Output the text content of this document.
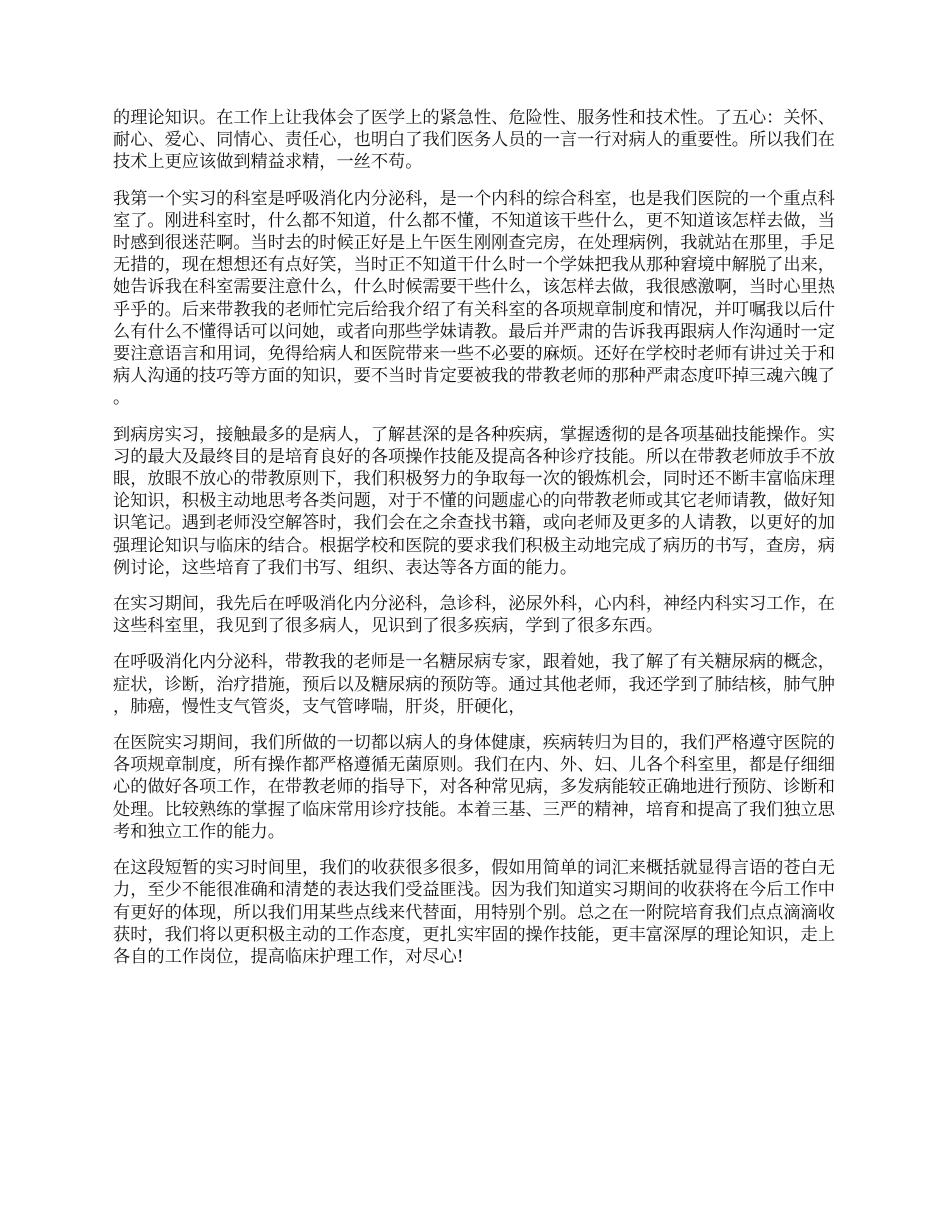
的理论知识。在工作上让我体会了医学上的紧急性、危险性、服务性和技术性。了五心：关怀、耐心、爱心、同情心、责任心，也明白了我们医务人员的一言一行对病人的重要性。所以我们在技术上更应该做到精益求精，一丝不苟。

我第一个实习的科室是呼吸消化内分泌科，是一个内科的综合科室，也是我们医院的一个重点科室了。刚进科室时，什么都不知道，什么都不懂，不知道该干些什么，更不知道该怎样去做，当时感到很迷茫啊。当时去的时候正好是上午医生刚刚查完房，在处理病例，我就站在那里，手足无措的，现在想想还有点好笑，当时正不知道干什么时一个学妹把我从那种窘境中解脱了出来，她告诉我在科室需要注意什么，什么时候需要干些什么，该怎样去做，我很感激啊，当时心里热乎乎的。后来带教我的老师忙完后给我介绍了有关科室的各项规章制度和情况，并叮嘱我以后什么有什么不懂得话可以问她，或者向那些学妹请教。最后并严肃的告诉我再跟病人作沟通时一定要注意语言和用词，免得给病人和医院带来一些不必要的麻烦。还好在学校时老师有讲过关于和病人沟通的技巧等方面的知识，要不当时肯定要被我的带教老师的那种严肃态度吓掉三魂六魄了。

到病房实习，接触最多的是病人，了解甚深的是各种疾病，掌握透彻的是各项基础技能操作。实习的最大及最终目的是培育良好的各项操作技能及提高各种诊疗技能。所以在带教老师放手不放眼，放眼不放心的带教原则下，我们积极努力的争取每一次的锻炼机会，同时还不断丰富临床理论知识，积极主动地思考各类问题，对于不懂的问题虚心的向带教老师或其它老师请教，做好知识笔记。遇到老师没空解答时，我们会在之余查找书籍，或向老师及更多的人请教，以更好的加强理论知识与临床的结合。根据学校和医院的要求我们积极主动地完成了病历的书写，查房，病例讨论，这些培育了我们书写、组织、表达等各方面的能力。

在实习期间，我先后在呼吸消化内分泌科，急诊科，泌尿外科，心内科，神经内科实习工作，在这些科室里，我见到了很多病人，见识到了很多疾病，学到了很多东西。

在呼吸消化内分泌科，带教我的老师是一名糖尿病专家，跟着她，我了解了有关糖尿病的概念，症状，诊断，治疗措施，预后以及糖尿病的预防等。通过其他老师，我还学到了肺结核，肺气肿，肺癌，慢性支气管炎，支气管哮喘，肝炎，肝硬化，

在医院实习期间，我们所做的一切都以病人的身体健康，疾病转归为目的，我们严格遵守医院的各项规章制度，所有操作都严格遵循无菌原则。我们在内、外、妇、儿各个科室里，都是仔细细心的做好各项工作，在带教老师的指导下，对各种常见病，多发病能较正确地进行预防、诊断和处理。比较熟练的掌握了临床常用诊疗技能。本着三基、三严的精神，培育和提高了我们独立思考和独立工作的能力。

在这段短暂的实习时间里，我们的收获很多很多，假如用简单的词汇来概括就显得言语的苍白无力，至少不能很准确和清楚的表达我们受益匪浅。因为我们知道实习期间的收获将在今后工作中有更好的体现，所以我们用某些点线来代替面，用特别个别。总之在一附院培育我们点点滴滴收获时，我们将以更积极主动的工作态度，更扎实牢固的操作技能，更丰富深厚的理论知识，走上各自的工作岗位，提高临床护理工作，对尽心!
